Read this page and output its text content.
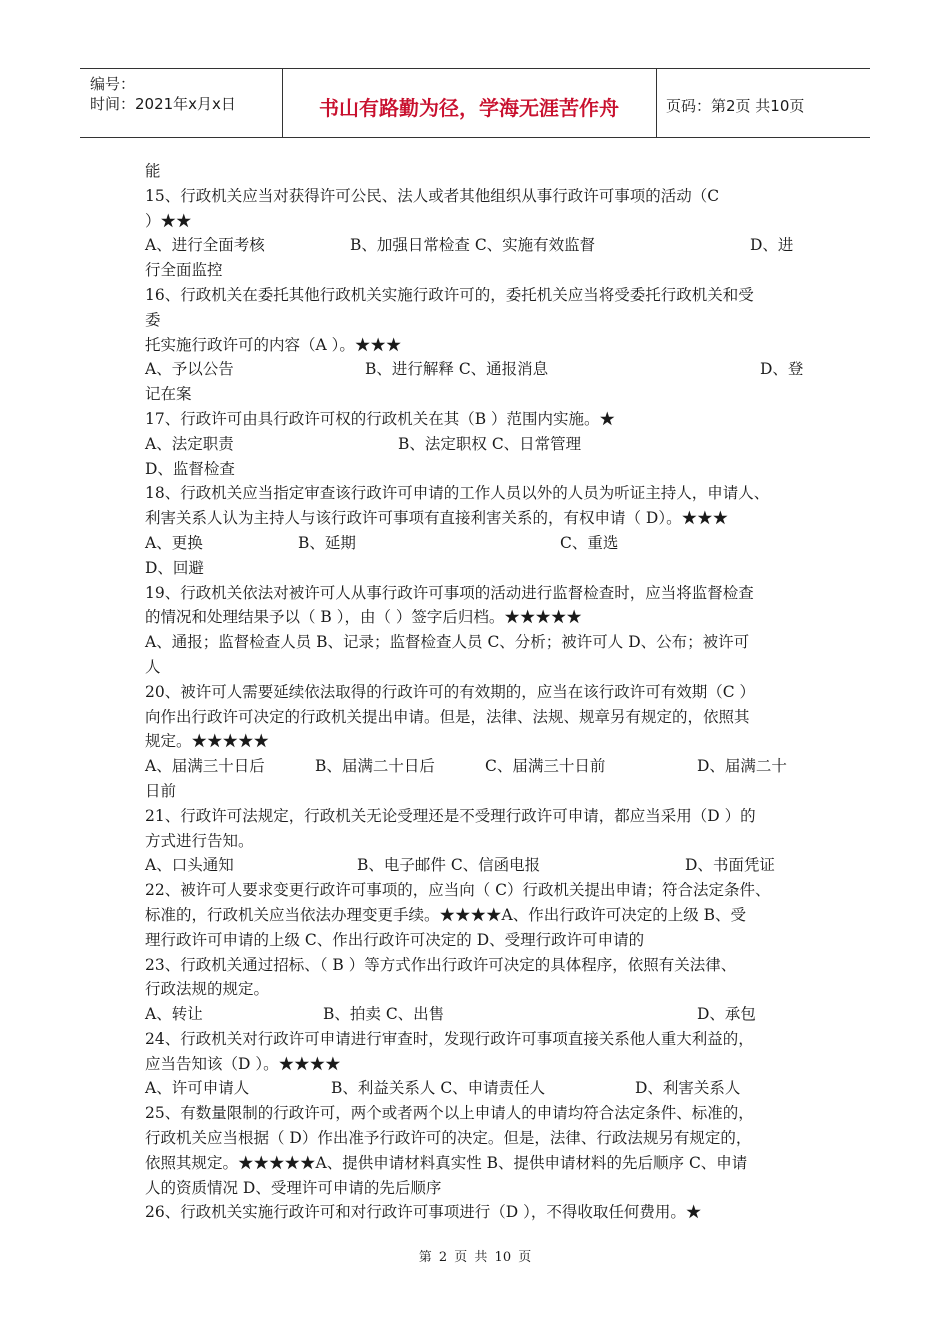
编号：
时间：2021年x月x日	书山有路勤为径，学海无涯苦作舟	页码：第2页 共10页
能
15、行政机关应当对获得许可公民、法人或者其他组织从事行政许可事项的活动（C
）★★
A、进行全面考核	B、加强日常检查 C、实施有效监督	D、进
行全面监控
16、行政机关在委托其他行政机关实施行政许可的，委托机关应当将受委托行政机关和受
委
托实施行政许可的内容（A ）。★★★
A、予以公告	B、进行解释 C、通报消息	D、登
记在案
17、行政许可由具行政许可权的行政机关在其（B ）范围内实施。★
A、法定职责	B、法定职权 C、日常管理
D、监督检查
18、行政机关应当指定审查该行政许可申请的工作人员以外的人员为听证主持人，申请人、
利害关系人认为主持人与该行政许可事项有直接利害关系的，有权申请（ D）。★★★
A、更换	B、延期	C、重选
D、回避
19、行政机关依法对被许可人从事行政许可事项的活动进行监督检查时，应当将监督检查
的情况和处理结果予以（ B ），由（ ）签字后归档。★★★★★
A、通报；监督检查人员 B、记录；监督检查人员 C、分析；被许可人 D、公布；被许可
人
20、被许可人需要延续依法取得的行政许可的有效期的，应当在该行政许可有效期（C ）
向作出行政许可决定的行政机关提出申请。但是，法律、法规、规章另有规定的，依照其
规定。★★★★★
A、届满三十日后	B、届满二十日后	C、届满三十日前	D、届满二十
日前
21、行政许可法规定，行政机关无论受理还是不受理行政许可申请，都应当采用（D ）的
方式进行告知。
A、口头通知	B、电子邮件 C、信函电报	D、书面凭证
22、被许可人要求变更行政许可事项的，应当向（ C）行政机关提出申请；符合法定条件、
标准的，行政机关应当依法办理变更手续。★★★★A、作出行政许可决定的上级 B、受
理行政许可申请的上级 C、作出行政许可决定的 D、受理行政许可申请的
23、行政机关通过招标、（ B ）等方式作出行政许可决定的具体程序，依照有关法律、
行政法规的规定。
A、转让	B、拍卖 C、出售	D、承包
24、行政机关对行政许可申请进行审查时，发现行政许可事项直接关系他人重大利益的，
应当告知该（D ）。★★★★
A、许可申请人	B、利益关系人 C、申请责任人	D、利害关系人
25、有数量限制的行政许可，两个或者两个以上申请人的申请均符合法定条件、标准的，
行政机关应当根据（ D）作出准予行政许可的决定。但是，法律、行政法规另有规定的，
依照其规定。★★★★★A、提供申请材料真实性 B、提供申请材料的先后顺序 C、申请
人的资质情况 D、受理许可申请的先后顺序
26、行政机关实施行政许可和对行政许可事项进行（D ），不得收取任何费用。★
第 2 页 共 10 页
